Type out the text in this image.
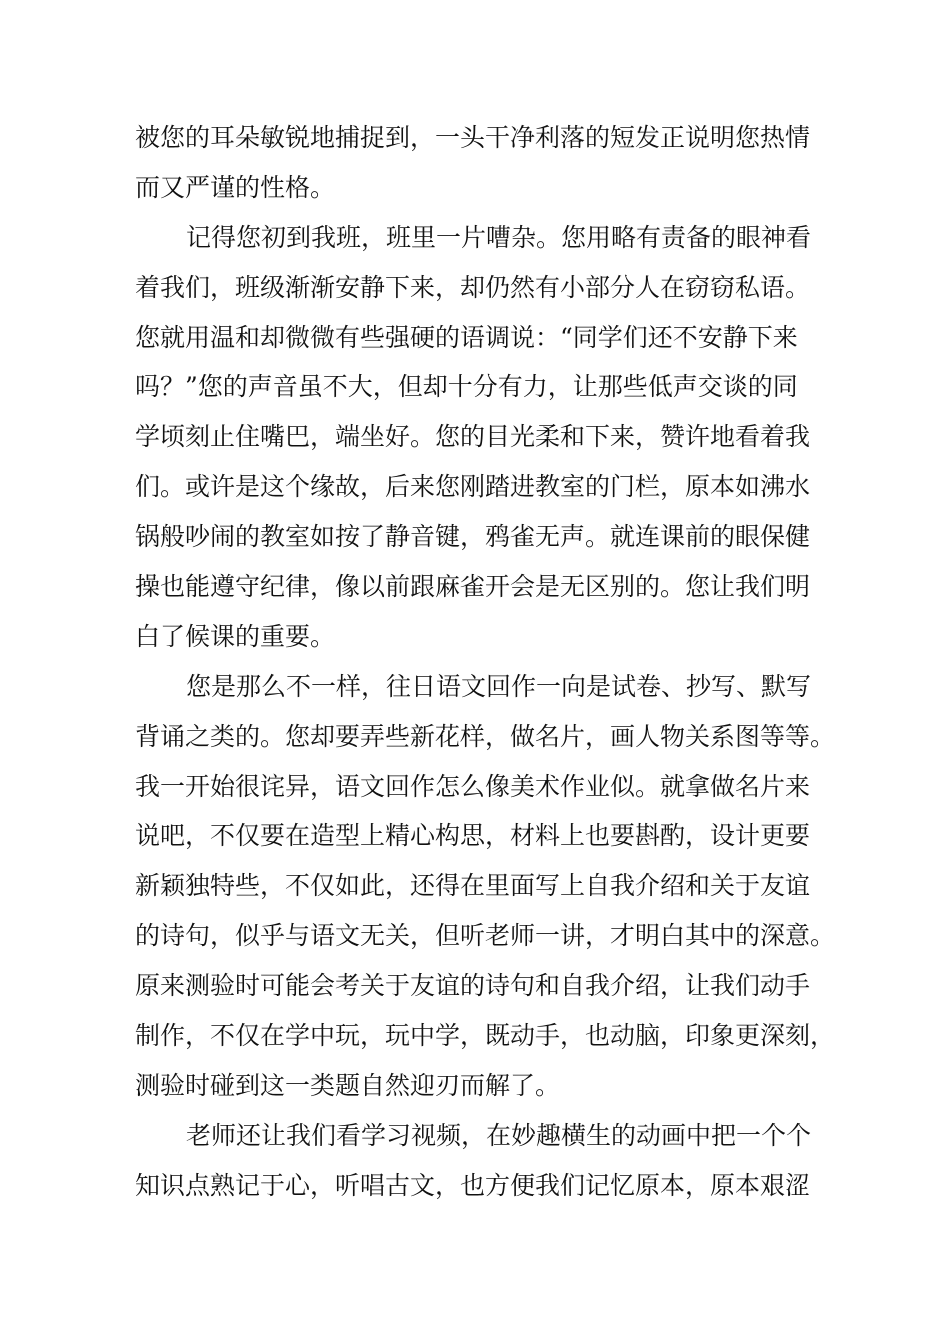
被您的耳朵敏锐地捕捉到，一头干净利落的短发正说明您热情
而又严谨的性格。
记得您初到我班，班里一片嘈杂。您用略有责备的眼神看
着我们，班级渐渐安静下来，却仍然有小部分人在窃窃私语。
您就用温和却微微有些强硬的语调说：“同学们还不安静下来
吗？”您的声音虽不大，但却十分有力，让那些低声交谈的同
学顷刻止住嘴巴，端坐好。您的目光柔和下来，赞许地看着我
们。或许是这个缘故，后来您刚踏进教室的门栏，原本如沸水
锅般吵闹的教室如按了静音键，鸦雀无声。就连课前的眼保健
操也能遵守纪律，像以前跟麻雀开会是无区别的。您让我们明
白了候课的重要。
您是那么不一样，往日语文回作一向是试卷、抄写、默写
背诵之类的。您却要弄些新花样，做名片，画人物关系图等等。
我一开始很诧异，语文回作怎么像美术作业似。就拿做名片来
说吧，不仅要在造型上精心构思，材料上也要斟酌，设计更要
新颖独特些，不仅如此，还得在里面写上自我介绍和关于友谊
的诗句，似乎与语文无关，但听老师一讲，才明白其中的深意。
原来测验时可能会考关于友谊的诗句和自我介绍，让我们动手
制作，不仅在学中玩，玩中学，既动手，也动脑，印象更深刻，
测验时碰到这一类题自然迎刃而解了。
老师还让我们看学习视频，在妙趣横生的动画中把一个个
知识点熟记于心，听唱古文，也方便我们记忆原本，原本艰涩
